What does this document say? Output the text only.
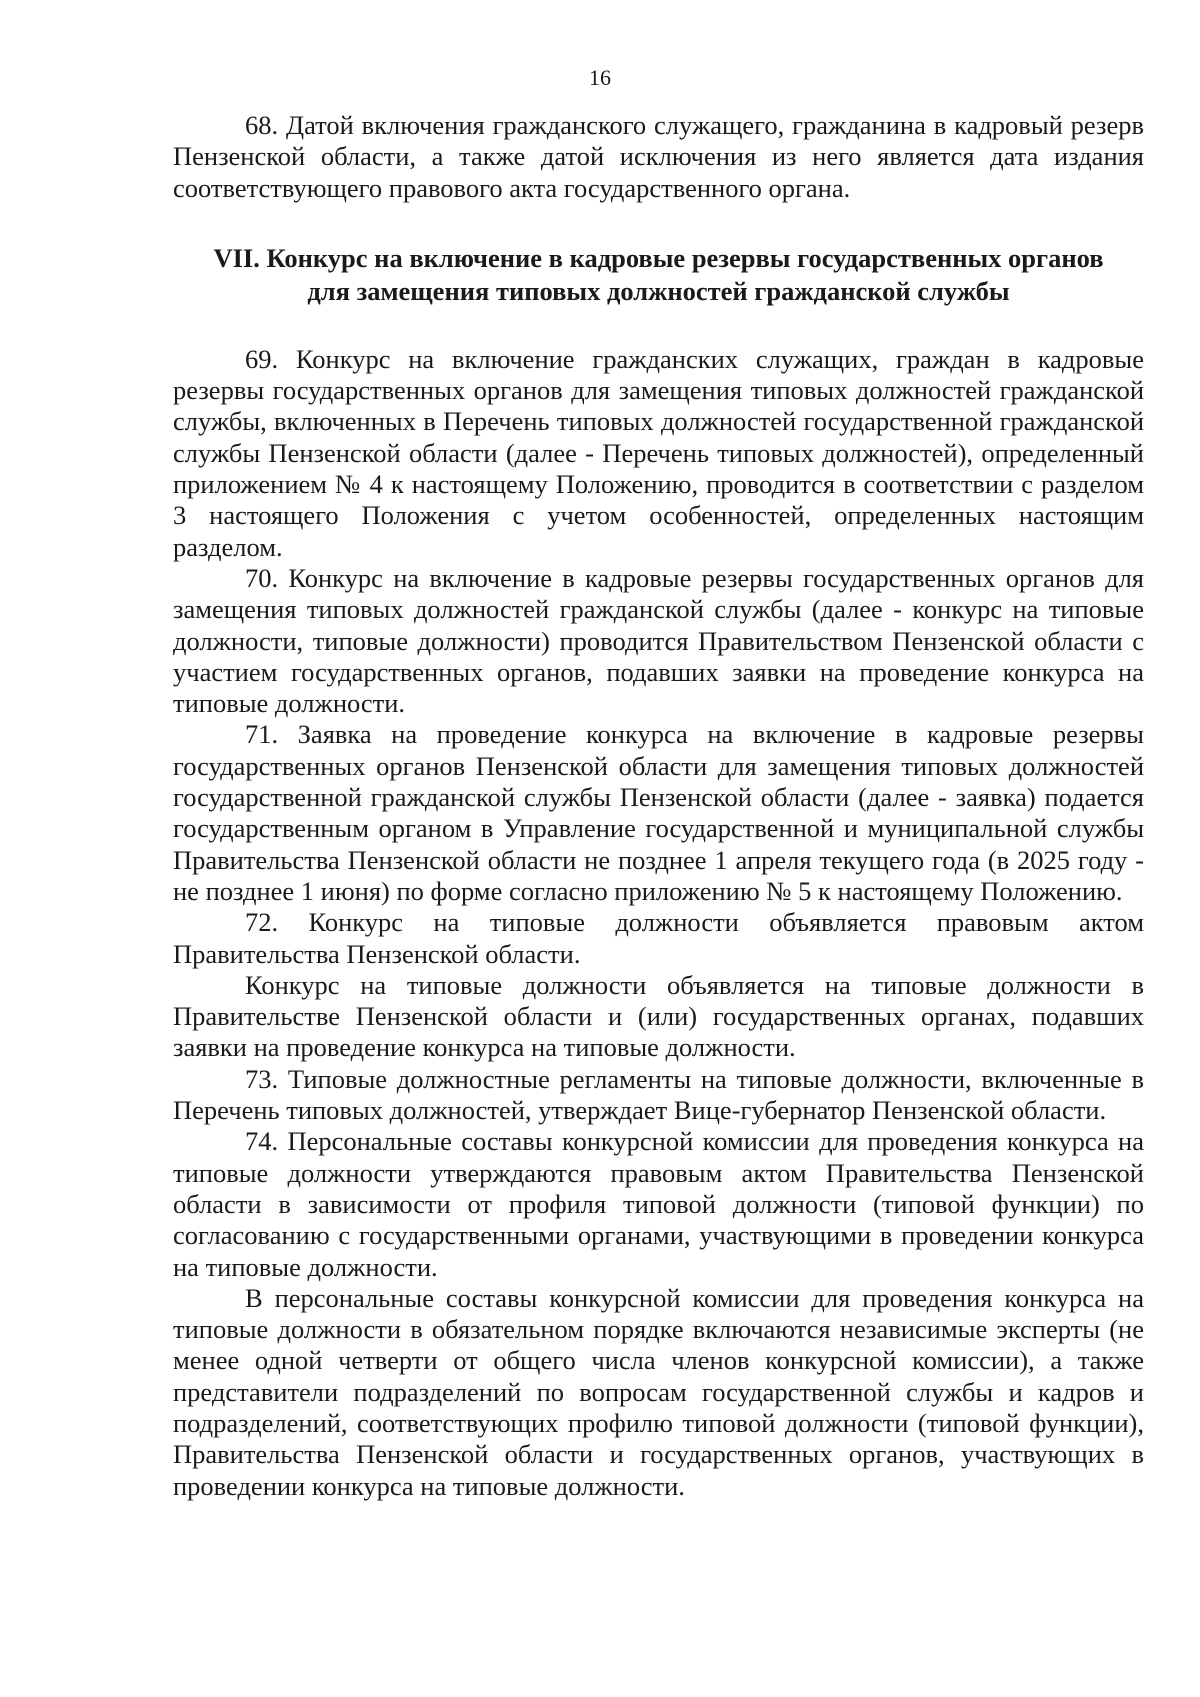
16

68. Датой включения гражданского служащего, гражданина в кадровый резерв Пензенской области, а также датой исключения из него является дата издания соответствующего правового акта государственного органа.

VII. Конкурс на включение в кадровые резервы государственных органов
для замещения типовых должностей гражданской службы

69. Конкурс на включение гражданских служащих, граждан в кадровые резервы государственных органов для замещения типовых должностей гражданской службы, включенных в Перечень типовых должностей государственной гражданской службы Пензенской области (далее - Перечень типовых должностей), определенный приложением № 4 к настоящему Положению, проводится в соответствии с разделом 3 настоящего Положения с учетом особенностей, определенных настоящим разделом.

70. Конкурс на включение в кадровые резервы государственных органов для замещения типовых должностей гражданской службы (далее - конкурс на типовые должности, типовые должности) проводится Правительством Пензенской области с участием государственных органов, подавших заявки на проведение конкурса на типовые должности.

71. Заявка на проведение конкурса на включение в кадровые резервы государственных органов Пензенской области для замещения типовых должностей государственной гражданской службы Пензенской области (далее - заявка) подается государственным органом в Управление государственной и муниципальной службы Правительства Пензенской области не позднее 1 апреля текущего года (в 2025 году - не позднее 1 июня) по форме согласно приложению № 5 к настоящему Положению.

72. Конкурс на типовые должности объявляется правовым актом Правительства Пензенской области.

Конкурс на типовые должности объявляется на типовые должности в Правительстве Пензенской области и (или) государственных органах, подавших заявки на проведение конкурса на типовые должности.

73. Типовые должностные регламенты на типовые должности, включенные в Перечень типовых должностей, утверждает Вице-губернатор Пензенской области.

74. Персональные составы конкурсной комиссии для проведения конкурса на типовые должности утверждаются правовым актом Правительства Пензенской области в зависимости от профиля типовой должности (типовой функции) по согласованию с государственными органами, участвующими в проведении конкурса на типовые должности.

В персональные составы конкурсной комиссии для проведения конкурса на типовые должности в обязательном порядке включаются независимые эксперты (не менее одной четверти от общего числа членов конкурсной комиссии), а также представители подразделений по вопросам государственной службы и кадров и подразделений, соответствующих профилю типовой должности (типовой функции), Правительства Пензенской области и государственных органов, участвующих в проведении конкурса на типовые должности.
